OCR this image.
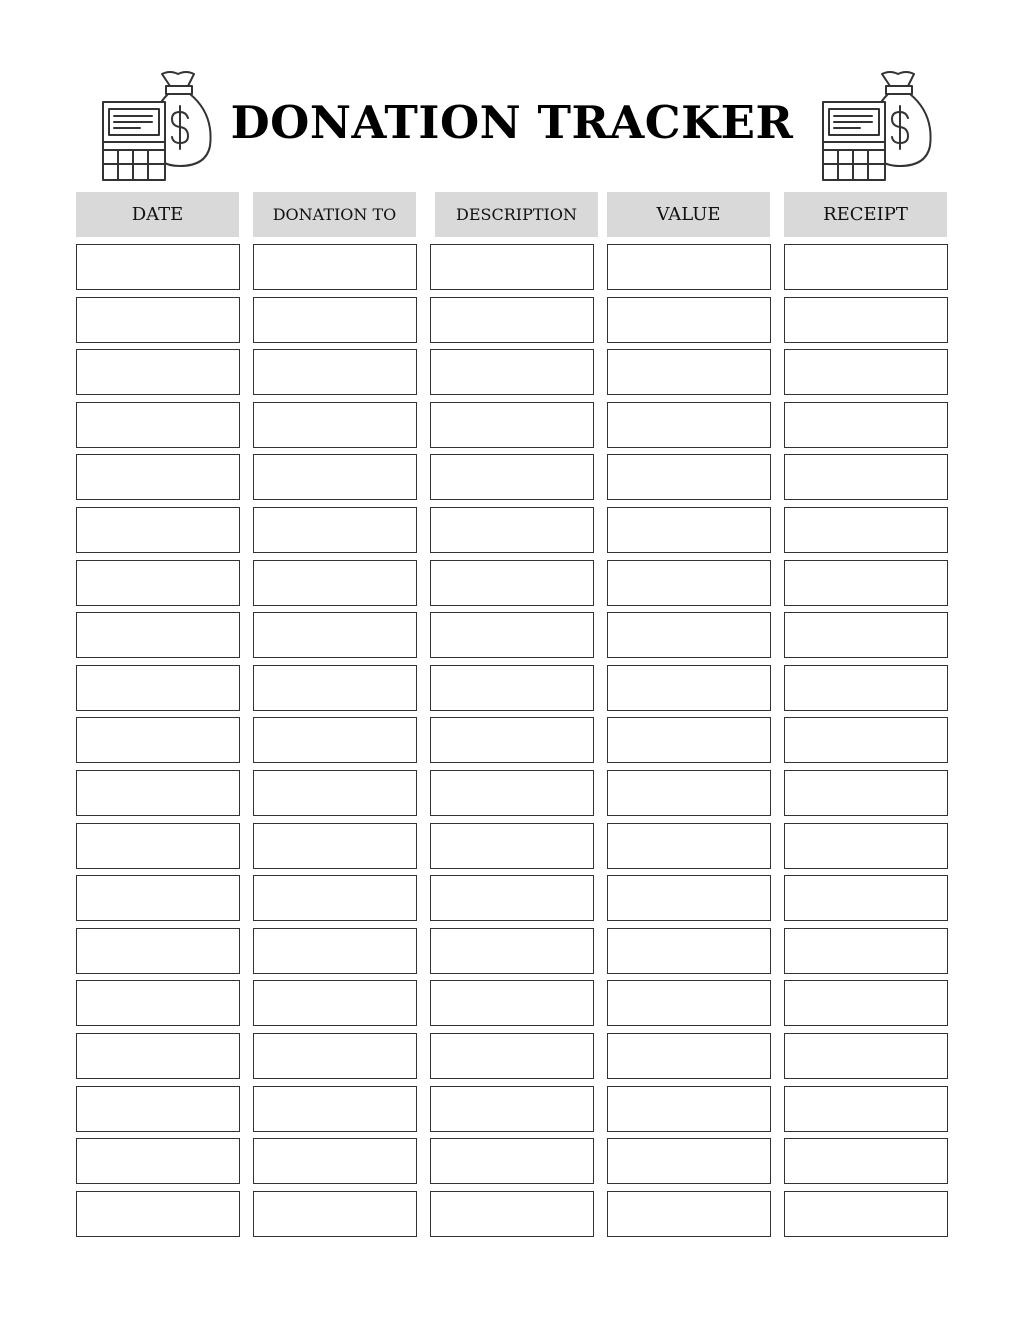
DONATION TRACKER
DATE	DONATION TO	DESCRIPTION	VALUE	RECEIPT
